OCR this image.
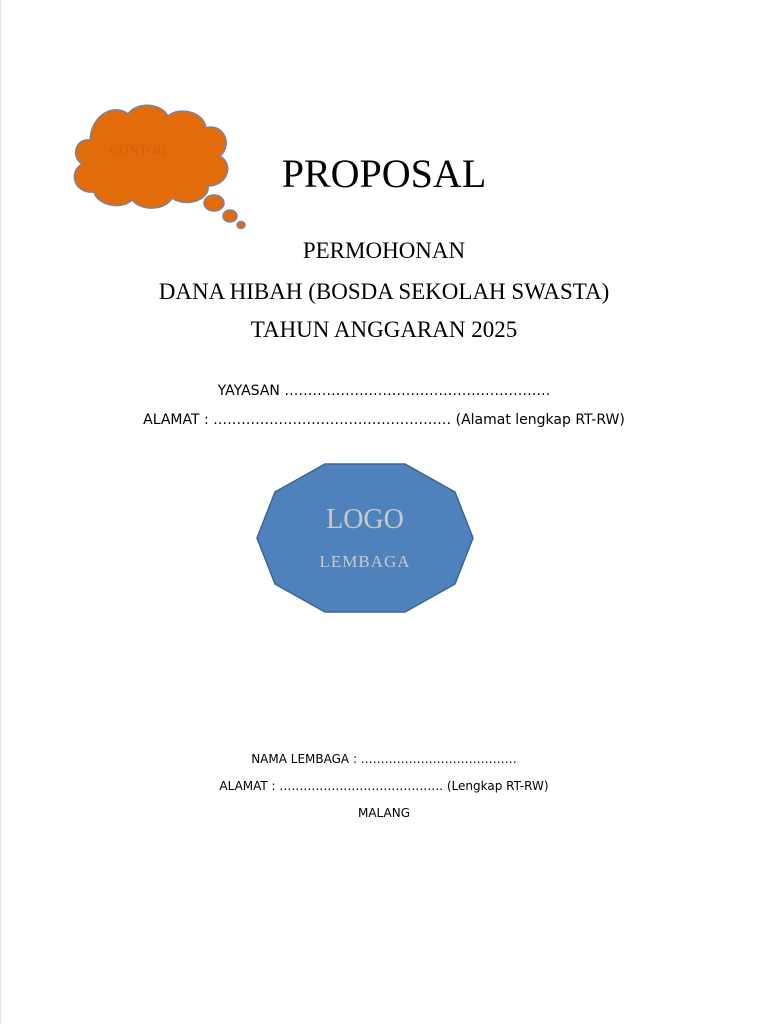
CONTOH
PROPOSAL
PERMOHONAN
DANA HIBAH (BOSDA SEKOLAH SWASTA)
TAHUN ANGGARAN 2025
YAYASAN …………………………………………………
ALAMAT : …………………………………………… (Alamat lengkap RT-RW)
LOGO
LEMBAGA
NAMA LEMBAGA : …………………………………
ALAMAT : ……………………………….…. (Lengkap RT-RW)
MALANG
